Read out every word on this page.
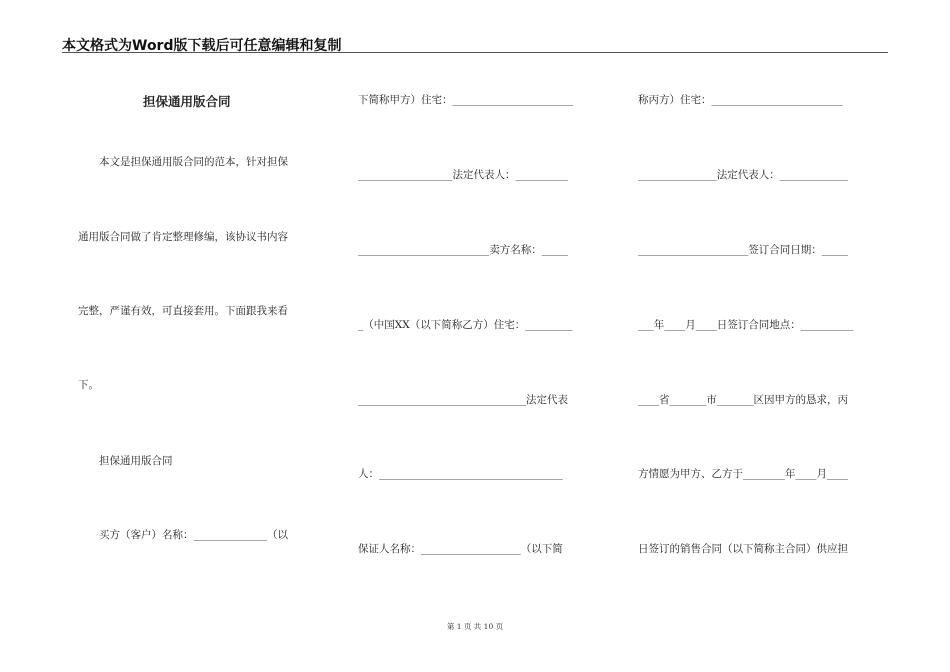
本文格式为Word版下载后可任意编辑和复制
担保通用版合同
　　本文是担保通用版合同的范本，针对担保
通用版合同做了肯定整理修编，该协议书内容
完整，严谨有效，可直接套用。下面跟我来看
下。
　　担保通用版合同
　　买方（客户）名称：______________（以
下简称甲方）住宅：_______________________
__________________法定代表人：__________
_________________________卖方名称：_____
_（中国XX（以下简称乙方）住宅：_________
________________________________法定代表
人：___________________________________
保证人名称：___________________（以下简
称丙方）住宅：_________________________
_______________法定代表人：_____________
_____________________签订合同日期：_____
___年____月____日签订合同地点：__________
____省_______市_______区因甲方的恳求，丙
方情愿为甲方、乙方于________年____月____
日签订的销售合同（以下简称主合同）供应担
第 1 页 共 10 页
